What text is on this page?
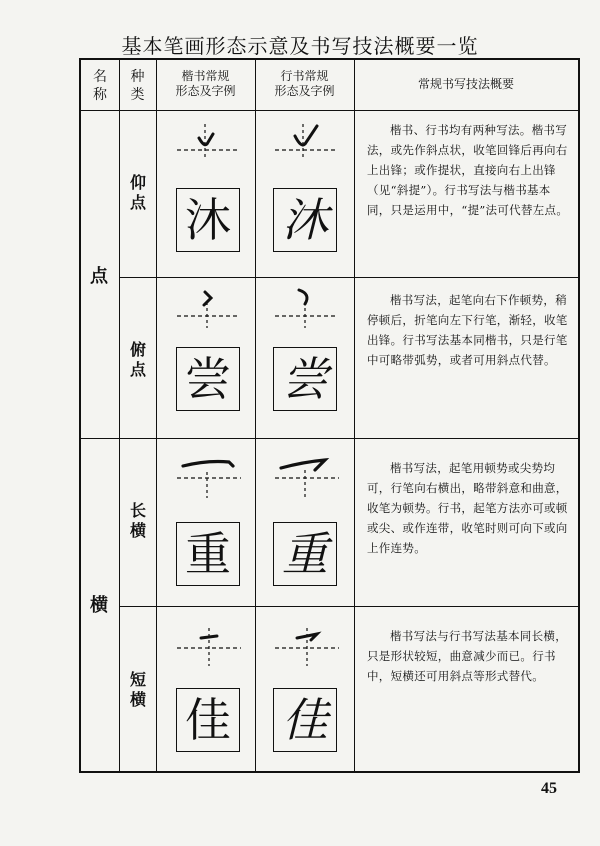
基本笔画形态示意及书写技法概要一览
名
称
种
类
楷书常规
形态及字例
行书常规
形态及字例	常规书写技法概要
点
横
仰点 沐 沐
楷书、行书均有两种写法。楷书写法，或先作斜点状，收笔回锋后再向右上出锋；或作提状，直接向右上出锋（见“斜提”）。行书写法与楷书基本同，只是运用中，“提”法可代替左点。
俯点 尝 尝
楷书写法，起笔向右下作顿势，稍停顿后，折笔向左下行笔，渐轻，收笔出锋。行书写法基本同楷书，只是行笔中可略带弧势，或者可用斜点代替。
长横 重 重
楷书写法，起笔用顿势或尖势均可，行笔向右横出，略带斜意和曲意，收笔为顿势。行书，起笔方法亦可或顿或尖、或作连带，收笔时则可向下或向上作连势。
短横 佳 佳
楷书写法与行书写法基本同长横，只是形状较短，曲意减少而已。行书中，短横还可用斜点等形式替代。
45
